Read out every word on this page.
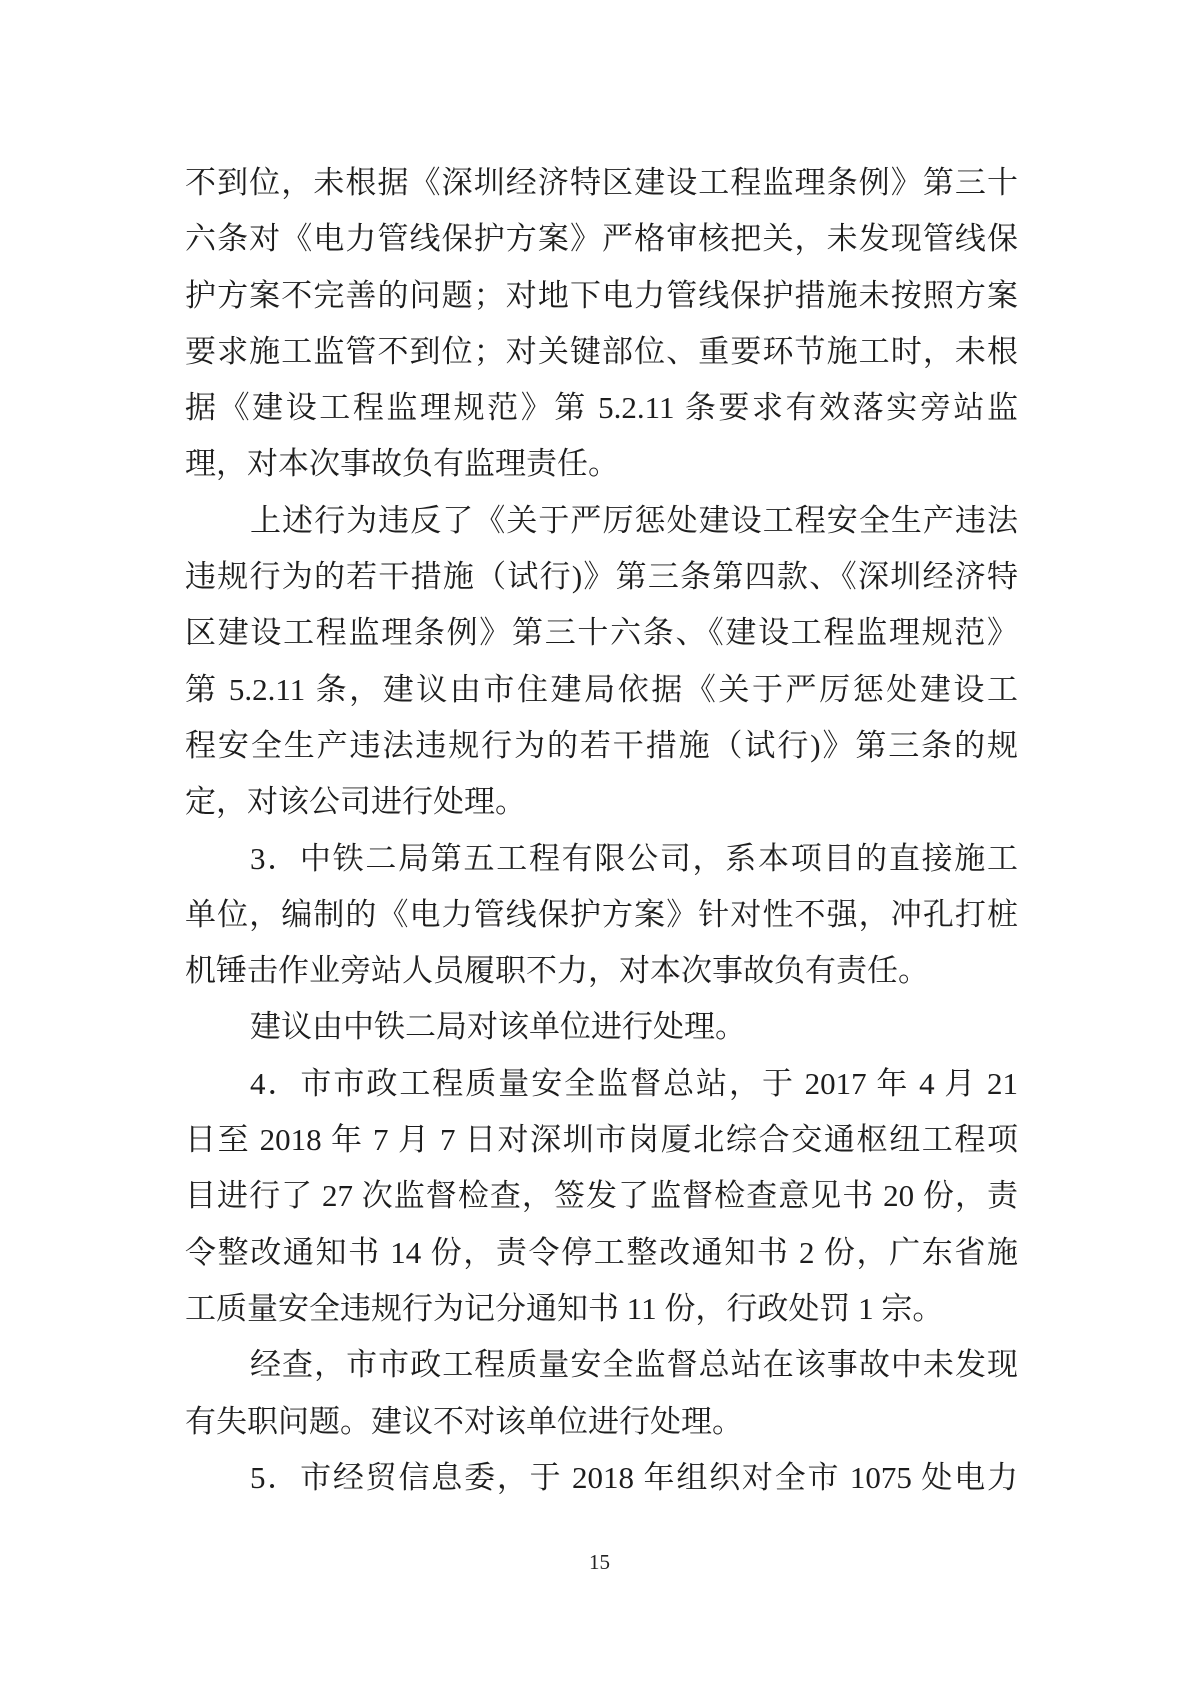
不到位，未根据《深圳经济特区建设工程监理条例》第三十
六条对《电力管线保护方案》严格审核把关，未发现管线保
护方案不完善的问题；对地下电力管线保护措施未按照方案
要求施工监管不到位；对关键部位、重要环节施工时，未根
据《建设工程监理规范》第 5.2.11 条要求有效落实旁站监
理，对本次事故负有监理责任。
上述行为违反了《关于严厉惩处建设工程安全生产违法
违规行为的若干措施（试行)》第三条第四款、《深圳经济特
区建设工程监理条例》第三十六条、《建设工程监理规范》
第 5.2.11 条，建议由市住建局依据《关于严厉惩处建设工
程安全生产违法违规行为的若干措施（试行)》第三条的规
定，对该公司进行处理。
3．中铁二局第五工程有限公司，系本项目的直接施工
单位，编制的《电力管线保护方案》针对性不强，冲孔打桩
机锤击作业旁站人员履职不力，对本次事故负有责任。
建议由中铁二局对该单位进行处理。
4．市市政工程质量安全监督总站，于 2017 年 4 月 21
日至 2018 年 7 月 7 日对深圳市岗厦北综合交通枢纽工程项
目进行了 27 次监督检查，签发了监督检查意见书 20 份，责
令整改通知书 14 份，责令停工整改通知书 2 份，广东省施
工质量安全违规行为记分通知书 11 份，行政处罚 1 宗。
经查，市市政工程质量安全监督总站在该事故中未发现
有失职问题。建议不对该单位进行处理。
5．市经贸信息委，于 2018 年组织对全市 1075 处电力
15
